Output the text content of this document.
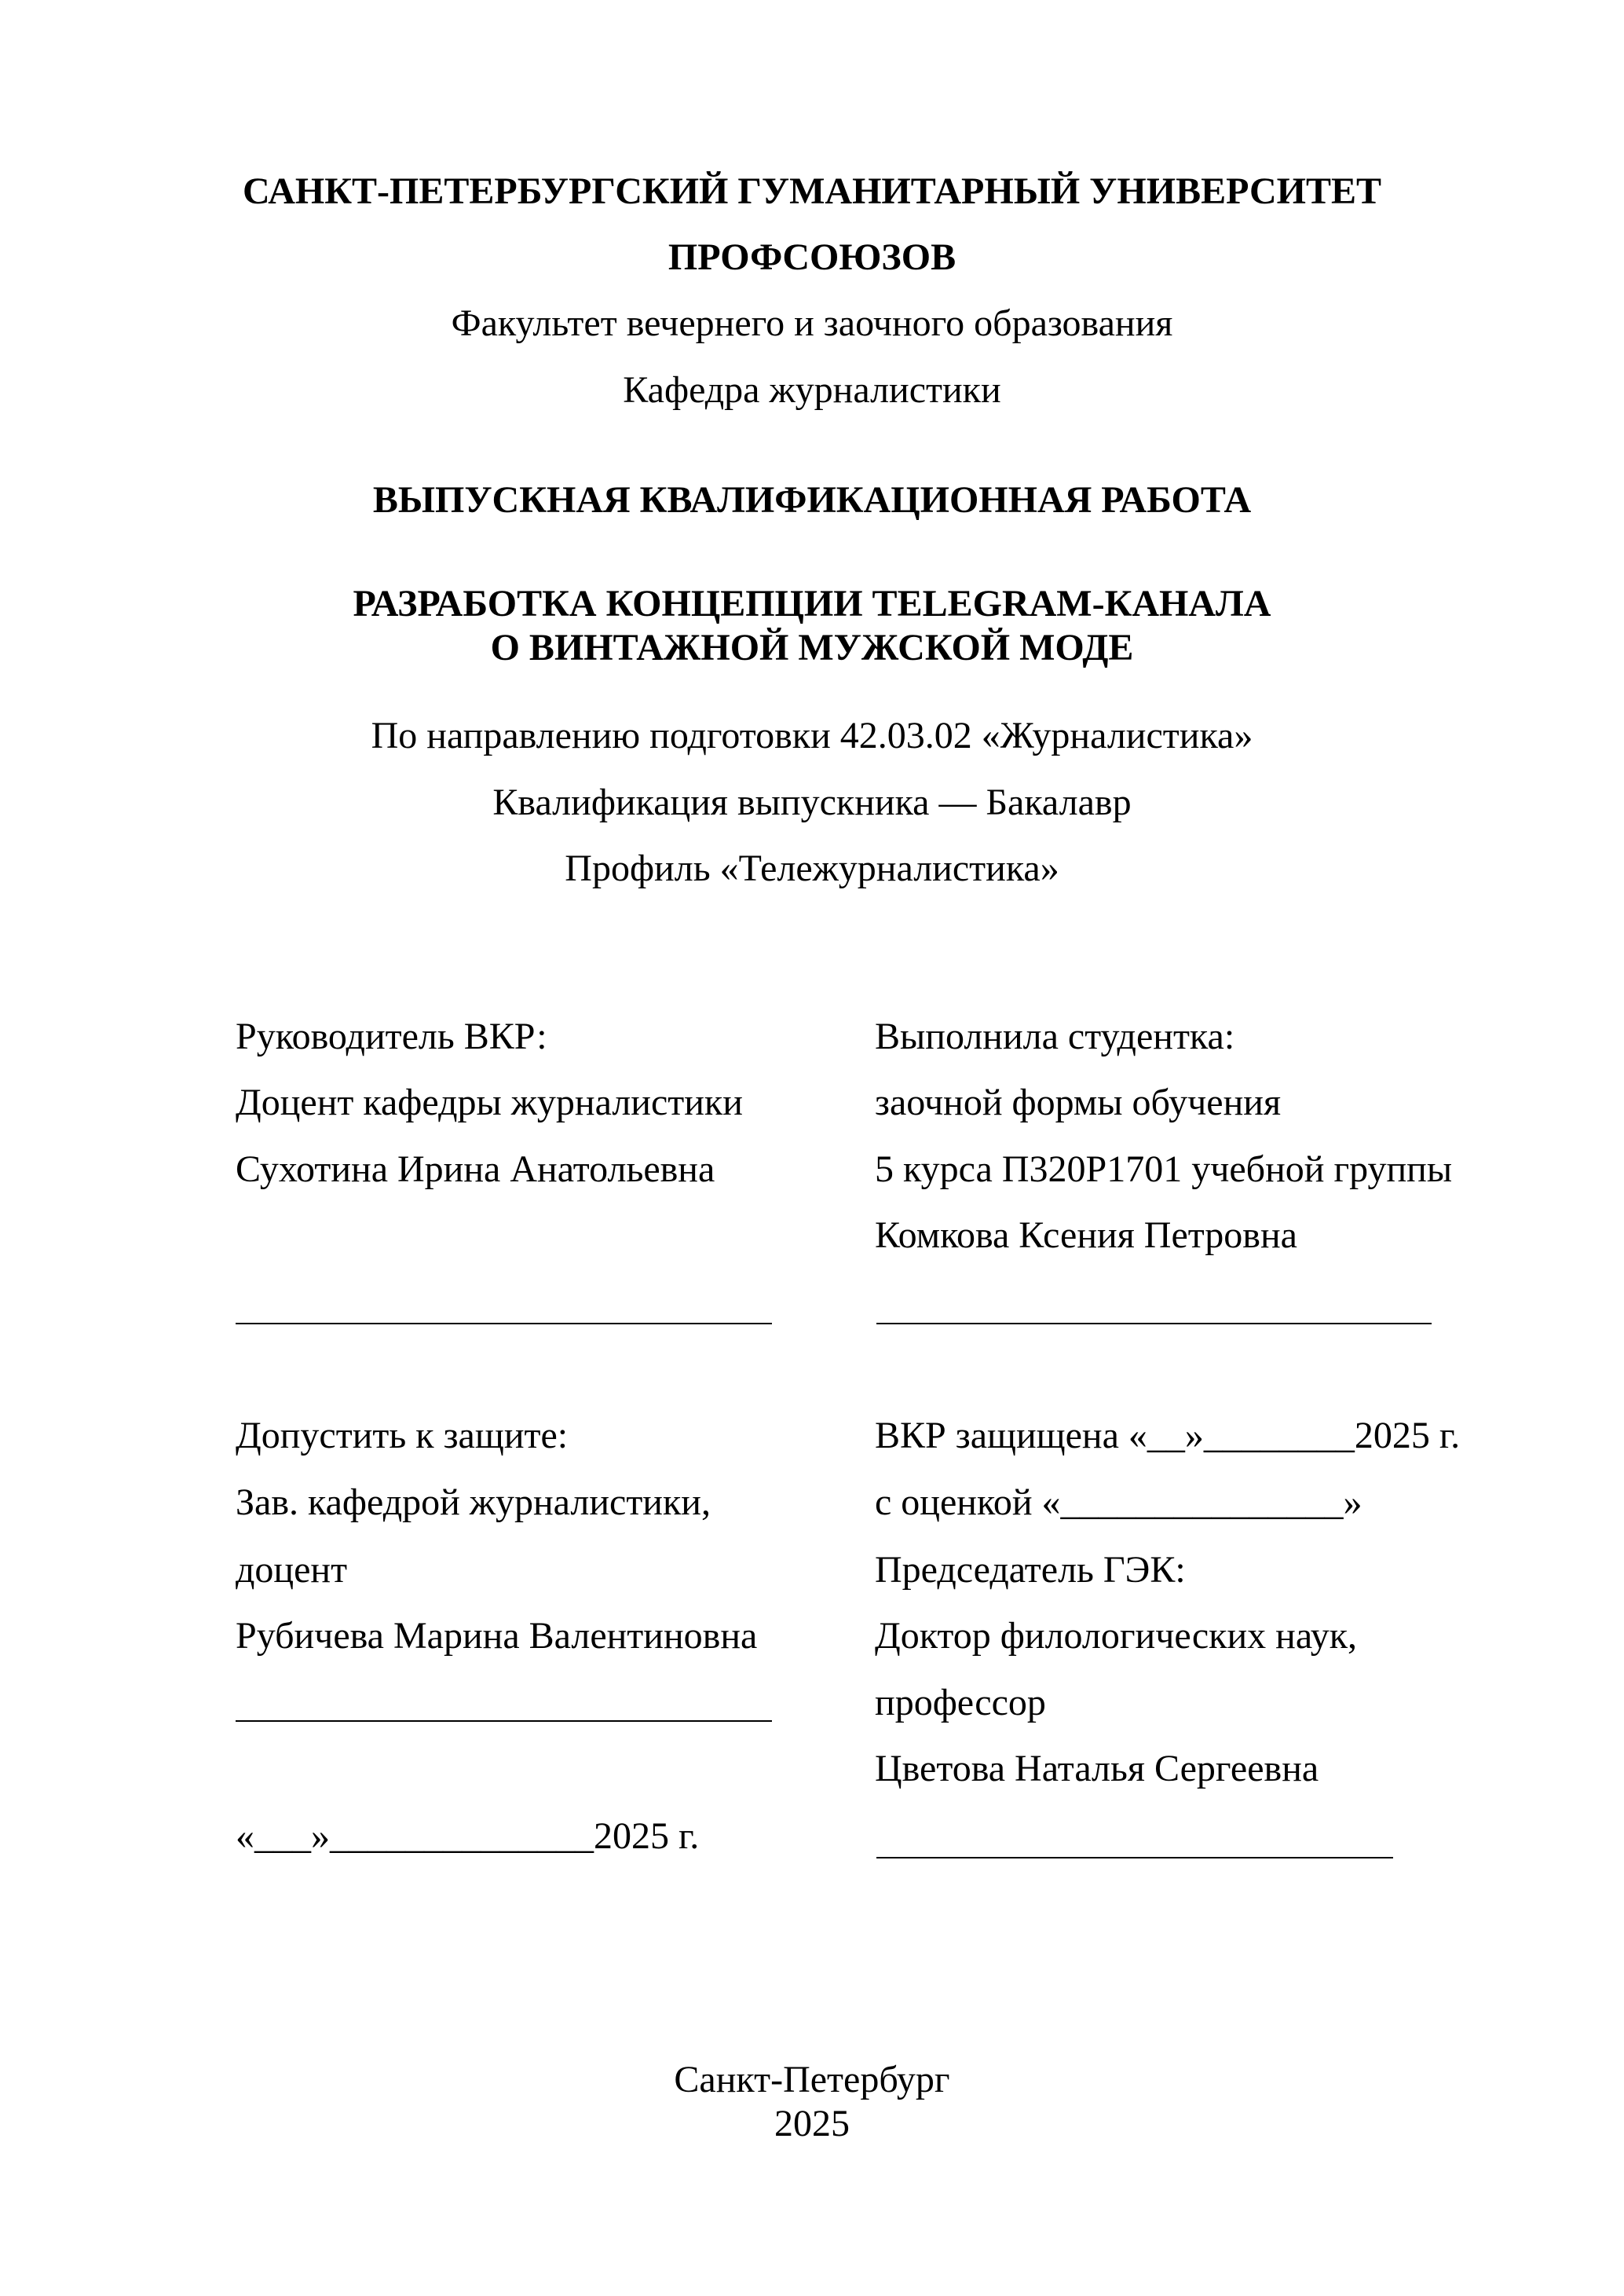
САНКТ-ПЕТЕРБУРГСКИЙ ГУМАНИТАРНЫЙ УНИВЕРСИТЕТ
ПРОФСОЮЗОВ
Факультет вечернего и заочного образования
Кафедра журналистики
ВЫПУСКНАЯ КВАЛИФИКАЦИОННАЯ РАБОТА
РАЗРАБОТКА КОНЦЕПЦИИ TELEGRAM-КАНАЛА
О ВИНТАЖНОЙ МУЖСКОЙ МОДЕ
По направлению подготовки 42.03.02 «Журналистика»
Квалификация выпускника — Бакалавр
Профиль «Тележурналистика»
Руководитель ВКР:
Доцент кафедры журналистики
Сухотина Ирина Анатольевна
Выполнила студентка:
заочной формы обучения
5 курса П320Р1701 учебной группы
Комкова Ксения Петровна
Допустить к защите:
Зав. кафедрой журналистики,
доцент
Рубичева Марина Валентиновна
«___»______________2025 г.
ВКР защищена «__»________2025 г.
с оценкой «_______________»
Председатель ГЭК:
Доктор филологических наук,
профессор
Цветова Наталья Сергеевна
Санкт-Петербург
2025
